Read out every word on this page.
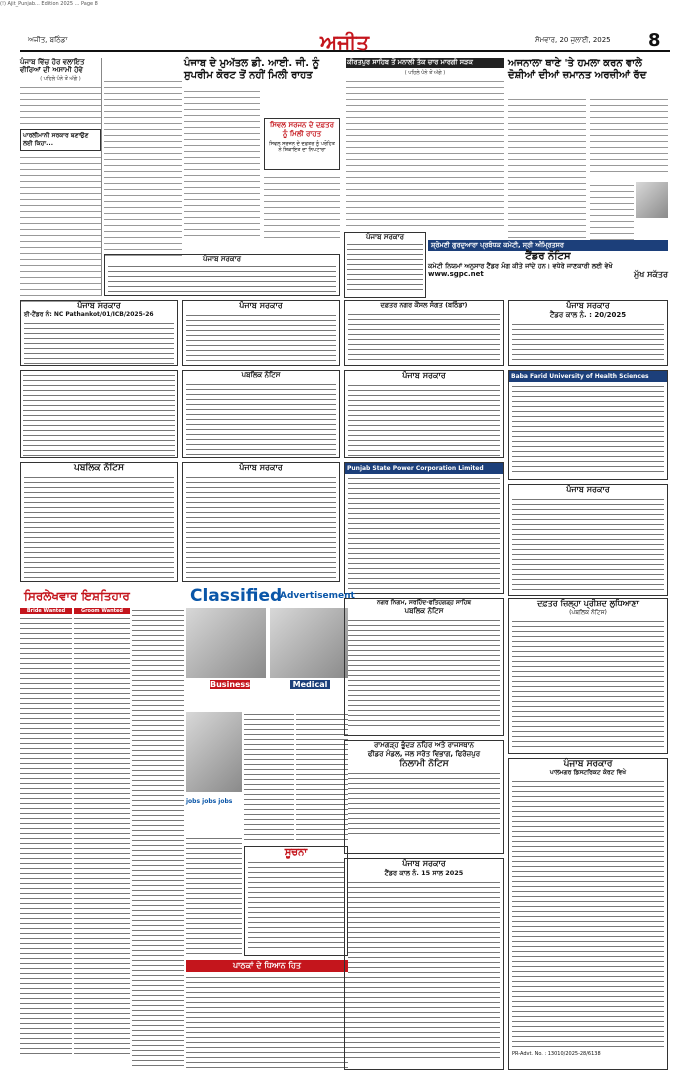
(!) Ajit_Punjab... Edition 2025 ... Page 8
ਅਜੀਤ, ਬਠਿੰਡਾ	ਅਜੀਤ	ਸੋਮਵਾਰ, 20 ਜੁਲਾਈ, 2025 8
ਪੰਜਾਬ ਵਿੱਚ ਹੋਰ ਵਲਾਇਤ ਵੀਰਿਆਂ ਦੀ ਅਸਾਮੀ ਹੋਵੇ
( ਪਹਿਲੇ ਪੰਨੇ ਤੋਂ ਅੱਗੇ )
ਪਾਰਲੀਮਾਨੀ ਸਰਕਾਰ ਬਣਾਉਣ ਲਈ ਕਿਹਾ...
ਪੰਜਾਬ ਦੇ ਮੁਅੱਤਲ ਡੀ. ਆਈ. ਜੀ. ਨੂੰ ਸੁਪਰੀਮ ਕੋਰਟ ਤੋਂ ਨਹੀਂ ਮਿਲੀ ਰਾਹਤ
ਸਿਵਲ ਸਰਜਨ ਦੇ ਦਫ਼ਤਰ ਨੂੰ ਮਿਲੀ ਰਾਹਤ
ਸਿਵਲ ਸਰਜਨ ਦੇ ਦਫ਼ਤਰ ਨੂੰ ਪਰੋਹਿਤ ਨੇ ਸ਼ਿਕਾਇਤ ਦਾ ਨਿਪਟਾਰਾ
ਕੀਰਤਪੁਰ ਸਾਹਿਬ ਤੋਂ ਮਨਾਲੀ ਤੱਕ ਚਾਰ ਮਾਰਗੀ ਸੜਕ
( ਪਹਿਲੇ ਪੰਨੇ ਤੋਂ ਅੱਗੇ )
ਅਜਨਾਲਾ ਥਾਣੇ 'ਤੇ ਹਮਲਾ ਕਰਨ ਵਾਲੇ ਦੋਸ਼ੀਆਂ ਦੀਆਂ ਜ਼ਮਾਨਤ ਅਰਜ਼ੀਆਂ ਰੱਦ
ਸ਼੍ਰੋਮਣੀ ਗੁਰਦੁਆਰਾ ਪ੍ਰਬੰਧਕ ਕਮੇਟੀ, ਸ੍ਰੀ ਅੰਮ੍ਰਿਤਸਰ
ਟੈਂਡਰ ਨੋਟਿਸ
ਕਮੇਟੀ ਨਿਯਮਾਂ ਅਨੁਸਾਰ ਟੈਂਡਰ ਮੰਗ ਕੀਤੇ ਜਾਂਦੇ ਹਨ। ਵਧੇਰੇ ਜਾਣਕਾਰੀ ਲਈ ਵੇਖੋ
www.sgpc.net	ਮੁੱਖ ਸਕੱਤਰ
ਪੰਜਾਬ ਸਰਕਾਰ
ਪੰਜਾਬ ਸਰਕਾਰ
ਪੰਜਾਬ ਸਰਕਾਰ
ਈ-ਟੈਂਡਰ ਨੰ: NC Pathankot/01/ICB/2025-26
ਪੰਜਾਬ ਸਰਕਾਰ	ਦਫ਼ਤਰ ਨਗਰ ਕੌਂਸਲ ਸੰਗਤ (ਬਠਿੰਡਾ)	ਪੰਜਾਬ ਸਰਕਾਰ
ਟੈਂਡਰ ਕਾਲ ਨੰ. : 20/2025
ਪਬਲਿਕ ਨੋਟਿਸ	ਪੰਜਾਬ ਸਰਕਾਰ	Baba Farid University of Health Sciences
ਪਬਲਿਕ ਨੋਟਿਸ	ਪੰਜਾਬ ਸਰਕਾਰ	Punjab State Power Corporation Limited
ਪੰਜਾਬ ਸਰਕਾਰ
ਸਿਰਲੇਖਵਾਰ ਇਸ਼ਤਿਹਾਰ	Classified
Advertisement
Bride Wanted	Groom Wanted
Business	Medical
jobs jobs jobs
ਸੂਚਨਾ
ਪਾਠਕਾਂ ਦੇ ਧਿਆਨ ਹਿਤ
ਨਗਰ ਨਿਗਮ, ਸਰਹਿੰਦ-ਫਤਿਹਗੜ੍ਹ ਸਾਹਿਬ
ਪਬਲਿਕ ਨੋਟਿਸ
ਦਫ਼ਤਰ ਜ਼ਿਲ੍ਹਾ ਪ੍ਰੀਸ਼ਦ ਲੁਧਿਆਣਾ
(ਪਬਲਿਕ ਨੋਟਿਸ)
ਰਾਮਗੜ੍ਹ ਭੂੰਦੜ ਨਹਿਰ ਅਤੇ ਰਾਜਸਥਾਨ
ਫੀਡਰ ਮੰਡਲ, ਜਲ ਸਰੋਤ ਵਿਭਾਗ, ਫਿਰੋਜ਼ਪੁਰ
ਨਿਲਾਮੀ ਨੋਟਿਸ	ਪੰਜਾਬ ਸਰਕਾਰ
ਪਾਲਮਗਰ ਡਿਸਟਰਿਕਟ ਕੋਰਟ ਵਿਖੇ
PR-Advt. No. : 13010/2025-28/6138
ਪੰਜਾਬ ਸਰਕਾਰ
ਟੈਂਡਰ ਕਾਲ ਨੰ. 15 ਸਾਲ 2025
